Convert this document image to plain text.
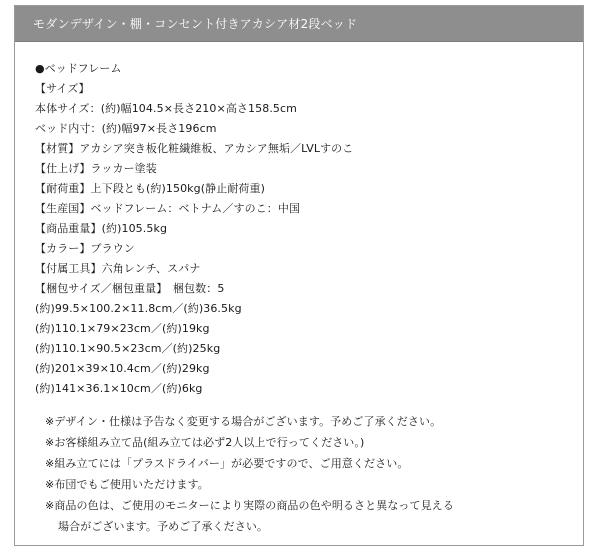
モダンデザイン・棚・コンセント付きアカシア材2段ベッド
●ベッドフレーム
【サイズ】
本体サイズ：(約)幅104.5×長さ210×高さ158.5cm
ベッド内寸：(約)幅97×長さ196cm
【材質】アカシア突き板化粧繊維板、アカシア無垢／LVLすのこ
【仕上げ】ラッカー塗装
【耐荷重】上下段とも(約)150kg(静止耐荷重)
【生産国】ベッドフレーム：ベトナム／すのこ：中国
【商品重量】(約)105.5kg
【カラー】ブラウン
【付属工具】六角レンチ、スパナ
【梱包サイズ／梱包重量】　梱包数：5
(約)99.5×100.2×11.8cm／(約)36.5kg
(約)110.1×79×23cm／(約)19kg
(約)110.1×90.5×23cm／(約)25kg
(約)201×39×10.4cm／(約)29kg
(約)141×36.1×10cm／(約)6kg
※デザイン・仕様は予告なく変更する場合がございます。予めご了承ください。
※お客様組み立て品(組み立ては必ず2人以上で行ってください。)
※組み立てには「プラスドライバー」が必要ですので、ご用意ください。
※布団でもご使用いただけます。
※商品の色は、ご使用のモニターにより実際の商品の色や明るさと異なって見える
場合がございます。予めご了承ください。
